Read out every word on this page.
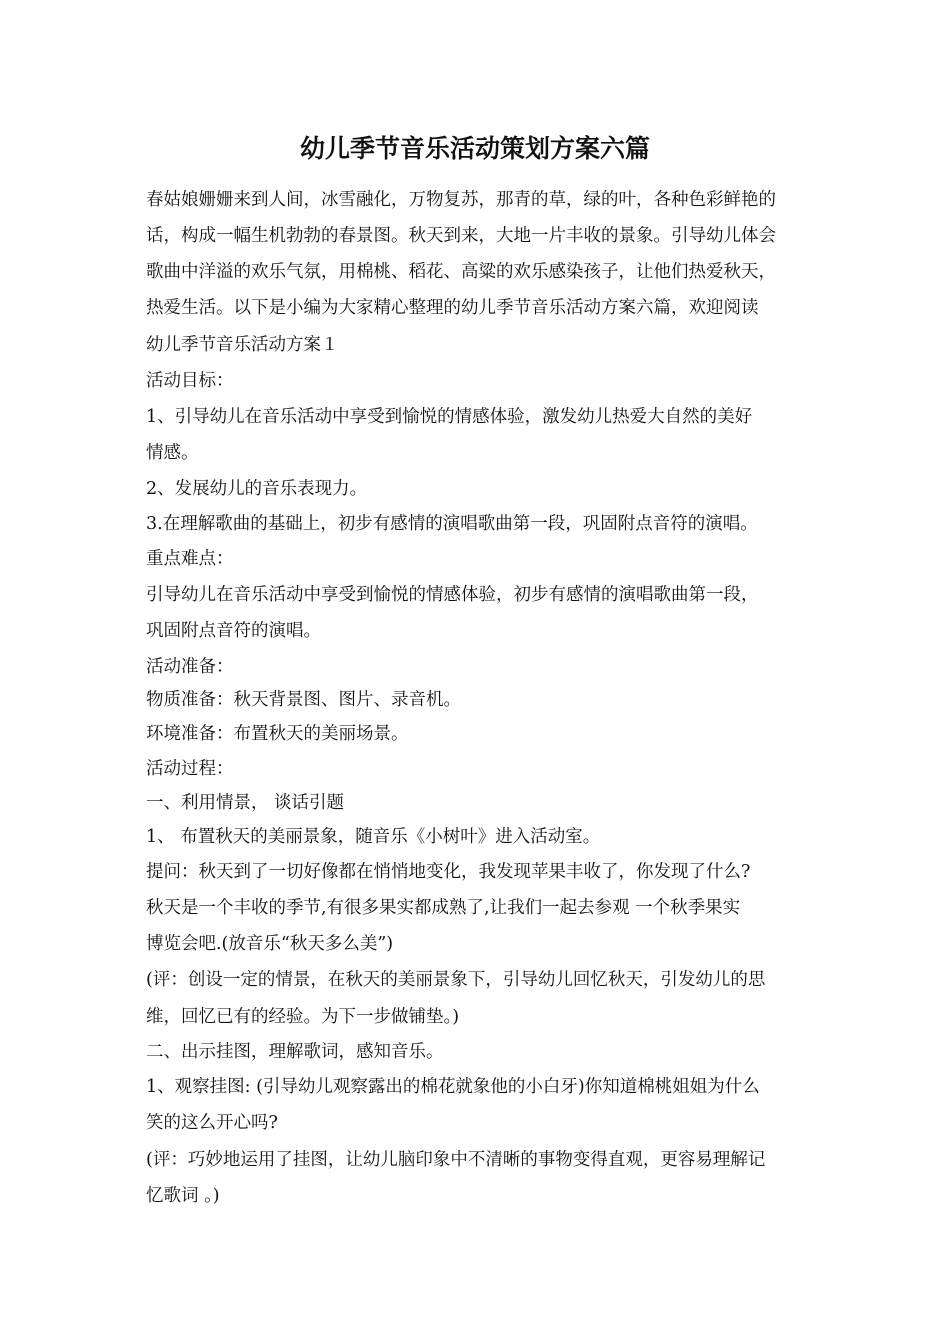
幼儿季节音乐活动策划方案六篇
春姑娘姗姗来到人间，冰雪融化，万物复苏，那青的草，绿的叶，各种色彩鲜艳的
话，构成一幅生机勃勃的春景图。秋天到来，大地一片丰收的景象。引导幼儿体会
歌曲中洋溢的欢乐气氛，用棉桃、稻花、高粱的欢乐感染孩子，让他们热爱秋天，
热爱生活。以下是小编为大家精心整理的幼儿季节音乐活动方案六篇，欢迎阅读
幼儿季节音乐活动方案１
活动目标：
1、引导幼儿在音乐活动中享受到愉悦的情感体验，激发幼儿热爱大自然的美好
情感。
2、发展幼儿的音乐表现力。
3.在理解歌曲的基础上，初步有感情的演唱歌曲第一段，巩固附点音符的演唱。
重点难点：
引导幼儿在音乐活动中享受到愉悦的情感体验，初步有感情的演唱歌曲第一段，
巩固附点音符的演唱。
活动准备：
物质准备：秋天背景图、图片、录音机。
环境准备：布置秋天的美丽场景。
活动过程：
一、利用情景， 谈话引题
1、 布置秋天的美丽景象，随音乐《小树叶》进入活动室。
提问：秋天到了一切好像都在悄悄地变化，我发现苹果丰收了，你发现了什么?
秋天是一个丰收的季节,有很多果实都成熟了,让我们一起去参观 一个秋季果实
博览会吧.(放音乐“秋天多么美”)
(评：创设一定的情景，在秋天的美丽景象下，引导幼儿回忆秋天，引发幼儿的思
维，回忆已有的经验。为下一步做铺垫。)
二、出示挂图，理解歌词，感知音乐。
1、观察挂图: (引导幼儿观察露出的棉花就象他的小白牙)你知道棉桃姐姐为什么
笑的这么开心吗?
(评：巧妙地运用了挂图，让幼儿脑印象中不清晰的事物变得直观，更容易理解记
忆歌词 。)
